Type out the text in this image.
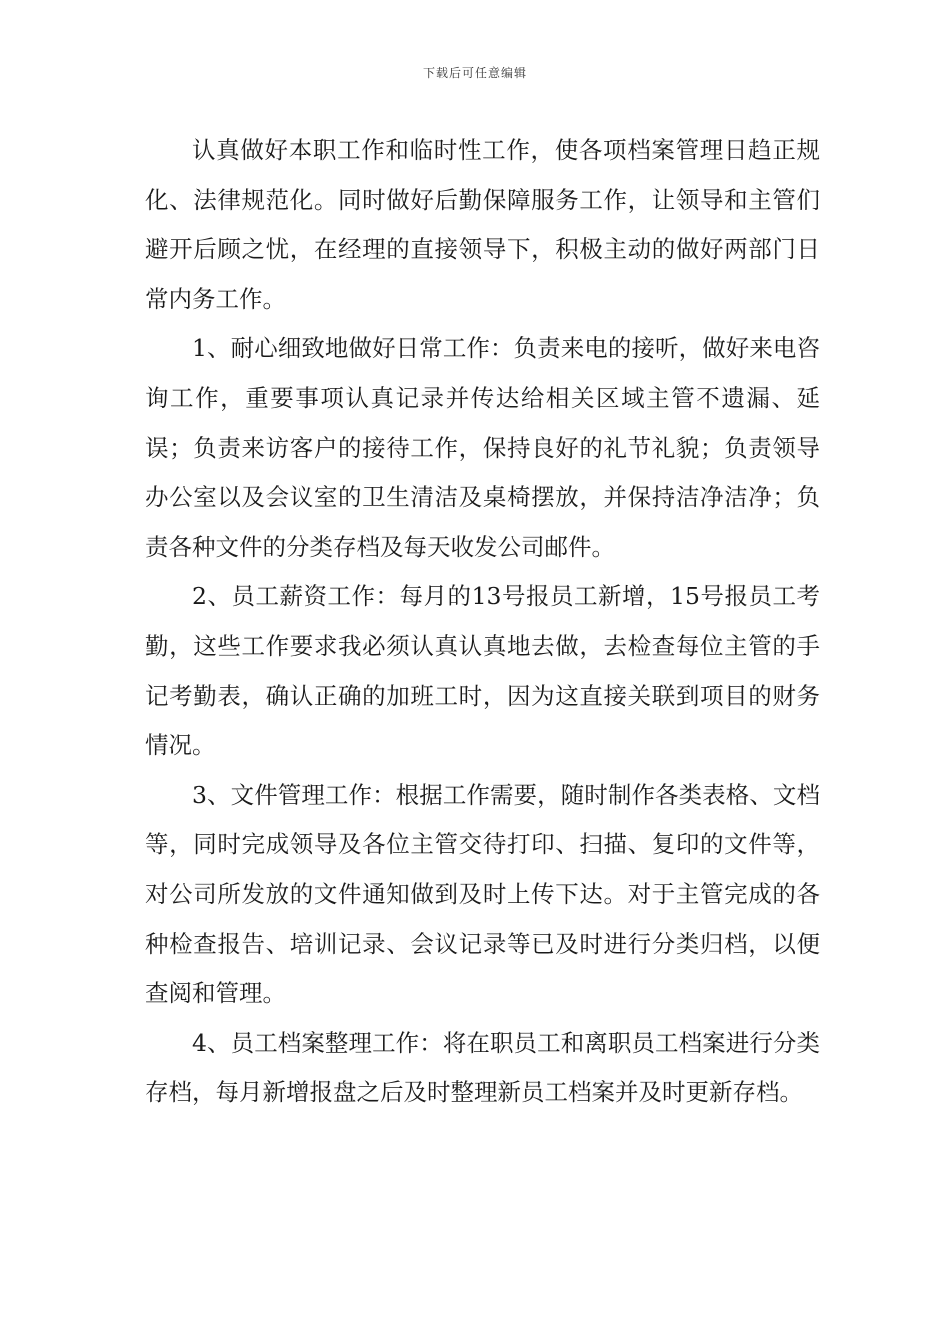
下载后可任意编辑

认真做好本职工作和临时性工作，使各项档案管理日趋正规化、法律规范化。同时做好后勤保障服务工作，让领导和主管们避开后顾之忧，在经理的直接领导下，积极主动的做好两部门日常内务工作。

1、耐心细致地做好日常工作：负责来电的接听，做好来电咨询工作，重要事项认真记录并传达给相关区域主管不遗漏、延误；负责来访客户的接待工作，保持良好的礼节礼貌；负责领导办公室以及会议室的卫生清洁及桌椅摆放，并保持洁净洁净；负责各种文件的分类存档及每天收发公司邮件。

2、员工薪资工作：每月的13号报员工新增，15号报员工考勤，这些工作要求我必须认真认真地去做，去检查每位主管的手记考勤表，确认正确的加班工时，因为这直接关联到项目的财务情况。

3、文件管理工作：根据工作需要，随时制作各类表格、文档等，同时完成领导及各位主管交待打印、扫描、复印的文件等，对公司所发放的文件通知做到及时上传下达。对于主管完成的各种检查报告、培训记录、会议记录等已及时进行分类归档，以便查阅和管理。

4、员工档案整理工作：将在职员工和离职员工档案进行分类存档，每月新增报盘之后及时整理新员工档案并及时更新存档。
